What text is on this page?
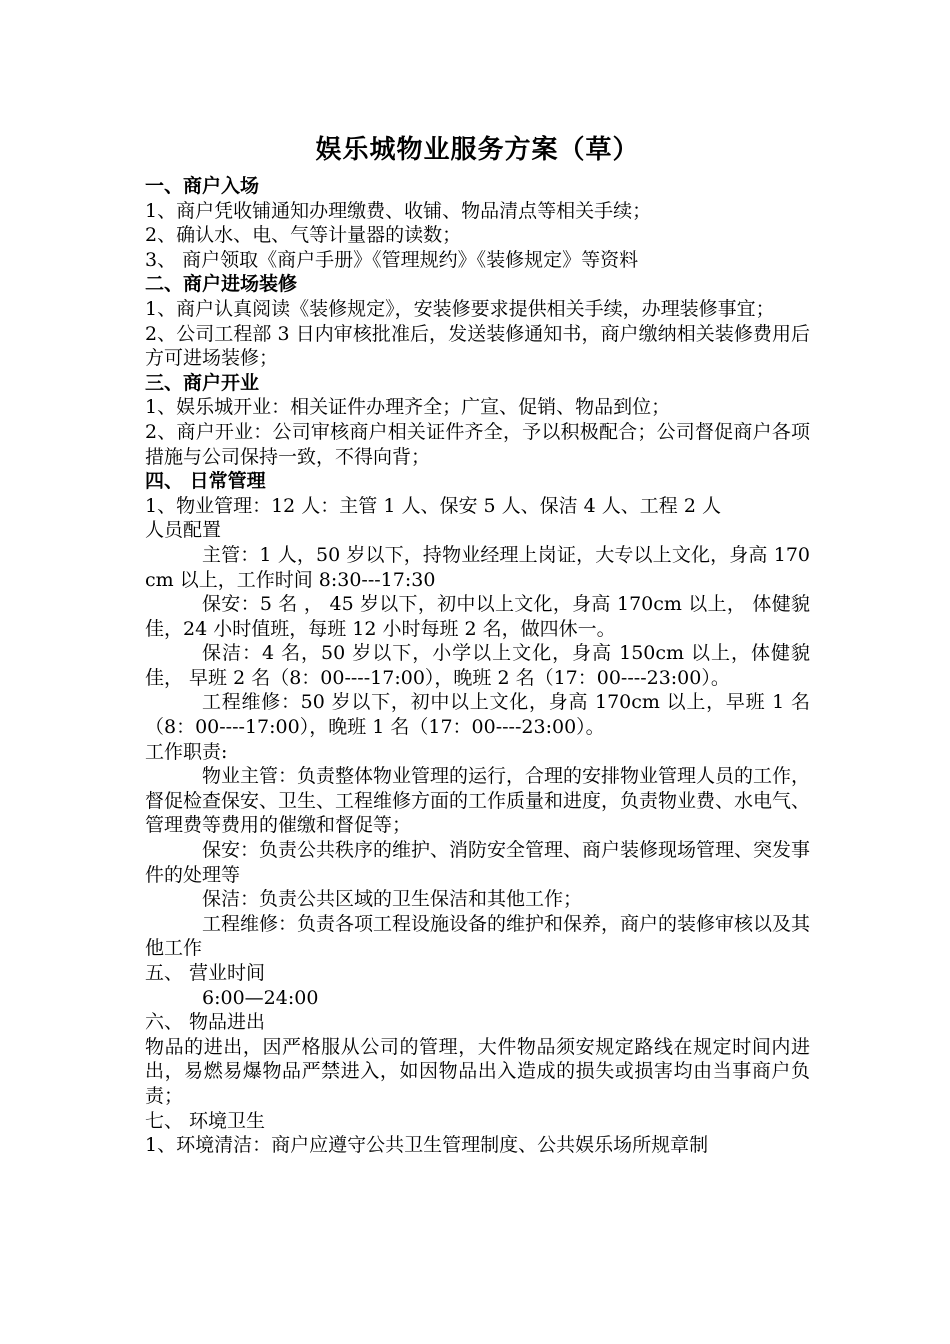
娱乐城物业服务方案（草）

一、商户入场

1、商户凭收铺通知办理缴费、收铺、物品清点等相关手续；

2、确认水、电、气等计量器的读数；

3、 商户领取《商户手册》《管理规约》《装修规定》等资料

二、商户进场装修

1、商户认真阅读《装修规定》，安装修要求提供相关手续，办理装修事宜；

2、公司工程部 3 日内审核批准后，发送装修通知书，商户缴纳相关装修费用后方可进场装修；

三、商户开业

1、娱乐城开业：相关证件办理齐全；广宣、促销、物品到位；

2、商户开业：公司审核商户相关证件齐全，予以积极配合；公司督促商户各项措施与公司保持一致，不得向背；

四、 日常管理

1、物业管理：12 人：主管 1 人、保安 5 人、保洁 4 人、工程 2 人

人员配置

主管：1 人，50 岁以下，持物业经理上岗证，大专以上文化，身高 170cm 以上，工作时间 8:30---17:30

保安：5 名 ， 45 岁以下，初中以上文化，身高 170cm 以上， 体健貌佳，24 小时值班，每班 12 小时每班 2 名，做四休一。

保洁：4 名，50 岁以下，小学以上文化，身高 150cm 以上，体健貌佳， 早班 2 名（8：00----17:00），晚班 2 名（17：00----23:00）。

工程维修：50 岁以下，初中以上文化，身高 170cm 以上，早班 1 名（8：00----17:00），晚班 1 名（17：00----23:00）。

工作职责:

物业主管：负责整体物业管理的运行，合理的安排物业管理人员的工作，督促检查保安、卫生、工程维修方面的工作质量和进度，负责物业费、水电气、管理费等费用的催缴和督促等；

保安：负责公共秩序的维护、消防安全管理、商户装修现场管理、突发事件的处理等

保洁：负责公共区域的卫生保洁和其他工作；

工程维修：负责各项工程设施设备的维护和保养，商户的装修审核以及其他工作

五、 营业时间

6:00—24:00

六、 物品进出

物品的进出，因严格服从公司的管理，大件物品须安规定路线在规定时间内进出，易燃易爆物品严禁进入，如因物品出入造成的损失或损害均由当事商户负责；

七、 环境卫生

1、环境清洁：商户应遵守公共卫生管理制度、公共娱乐场所规章制
